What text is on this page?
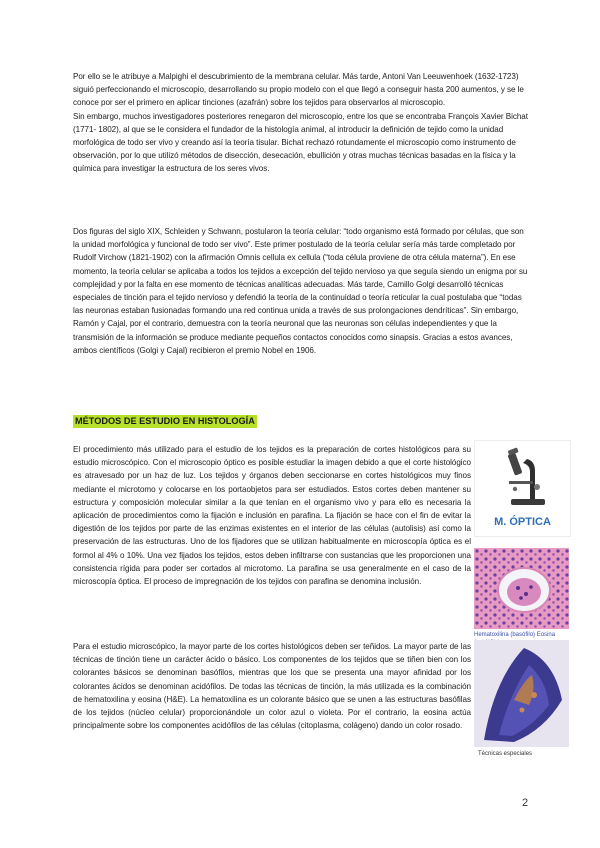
Por ello se le atribuye a Malpighi el descubrimiento de la membrana celular. Más tarde, Antoni Van Leeuwenhoek (1632-1723) siguió perfeccionando el microscopio, desarrollando su propio modelo con el que llegó a conseguir hasta 200 aumentos, y se le conoce por ser el primero en aplicar tinciones (azafrán) sobre los tejidos para observarlos al microscopio.
Sin embargo, muchos investigadores posteriores renegaron del microscopio, entre los que se encontraba François Xavier Bichat (1771- 1802), al que se le considera el fundador de la histología animal, al introducir la definición de tejido como la unidad morfológica de todo ser vivo y creando así la teoría tisular. Bichat rechazó rotundamente el microscopio como instrumento de observación, por lo que utilizó métodos de disección, desecación, ebullición y otras muchas técnicas basadas en la física y la química para investigar la estructura de los seres vivos.

Dos figuras del siglo XIX, Schleiden y Schwann, postularon la teoría celular: “todo organismo está formado por células, que son la unidad morfológica y funcional de todo ser vivo”. Este primer postulado de la teoría celular sería más tarde completado por Rudolf Virchow (1821-1902) con la afirmación Omnis cellula ex cellula (“toda célula proviene de otra célula materna”). En ese momento, la teoría celular se aplicaba a todos los tejidos a excepción del tejido nervioso ya que seguía siendo un enigma por su complejidad y por la falta en ese momento de técnicas analíticas adecuadas. Más tarde, Camillo Golgi desarrolló técnicas especiales de tinción para el tejido nervioso y defendió la teoría de la continuidad o teoría reticular la cual postulaba que “todas las neuronas estaban fusionadas formando una red continua unida a través de sus prolongaciones dendríticas”. Sin embargo, Ramón y Cajal, por el contrario, demuestra con la teoría neuronal que las neuronas son células independientes y que la transmisión de la información se produce mediante pequeños contactos conocidos como sinapsis. Gracias a estos avances, ambos científicos (Golgi y Cajal) recibieron el premio Nobel en 1906.

MÉTODOS DE ESTUDIO EN HISTOLOGÍA

El procedimiento más utilizado para el estudio de los tejidos es la preparación de cortes histológicos para su estudio microscópico. Con el microscopio óptico es posible estudiar la imagen debido a que el corte histológico es atravesado por un haz de luz. Los tejidos y órganos deben seccionarse en cortes histológicos muy finos mediante el microtomo y colocarse en los portaobjetos para ser estudiados. Estos cortes deben mantener su estructura y composición molecular similar a la que tenían en el organismo vivo y para ello es necesaria la aplicación de procedimientos como la fijación e inclusión en parafina. La fijación se hace con el fin de evitar la digestión de los tejidos por parte de las enzimas existentes en el interior de las células (autolisis) así como la preservación de las estructuras. Uno de los fijadores que se utilizan habitualmente en microscopía óptica es el formol al 4% o 10%. Una vez fijados los tejidos, estos deben infiltrarse con sustancias que les proporcionen una consistencia rígida para poder ser cortados al microtomo. La parafina se usa generalmente en el caso de la microscopía óptica. El proceso de impregnación de los tejidos con parafina se denomina inclusión.

Para el estudio microscópico, la mayor parte de los cortes histológicos deben ser teñidos. La mayor parte de las técnicas de tinción tiene un carácter ácido o básico. Los componentes de los tejidos que se tiñen bien con los colorantes básicos se denominan basófilos, mientras que los que se presenta una mayor afinidad por los colorantes ácidos se denominan acidófilos. De todas las técnicas de tinción, la más utilizada es la combinación de hematoxilina y eosina (H&E). La hematoxilina es un colorante básico que se unen a las estructuras basófilas de los tejidos (núcleo celular) proporcionándole un color azul o violeta. Por el contrario, la eosina actúa principalmente sobre los componentes acidófilos de las células (citoplasma, colágeno) dando un color rosado.

M. ÓPTICA
Hematoxilina (basófilo) Eosina
Técnicas especiales
2
